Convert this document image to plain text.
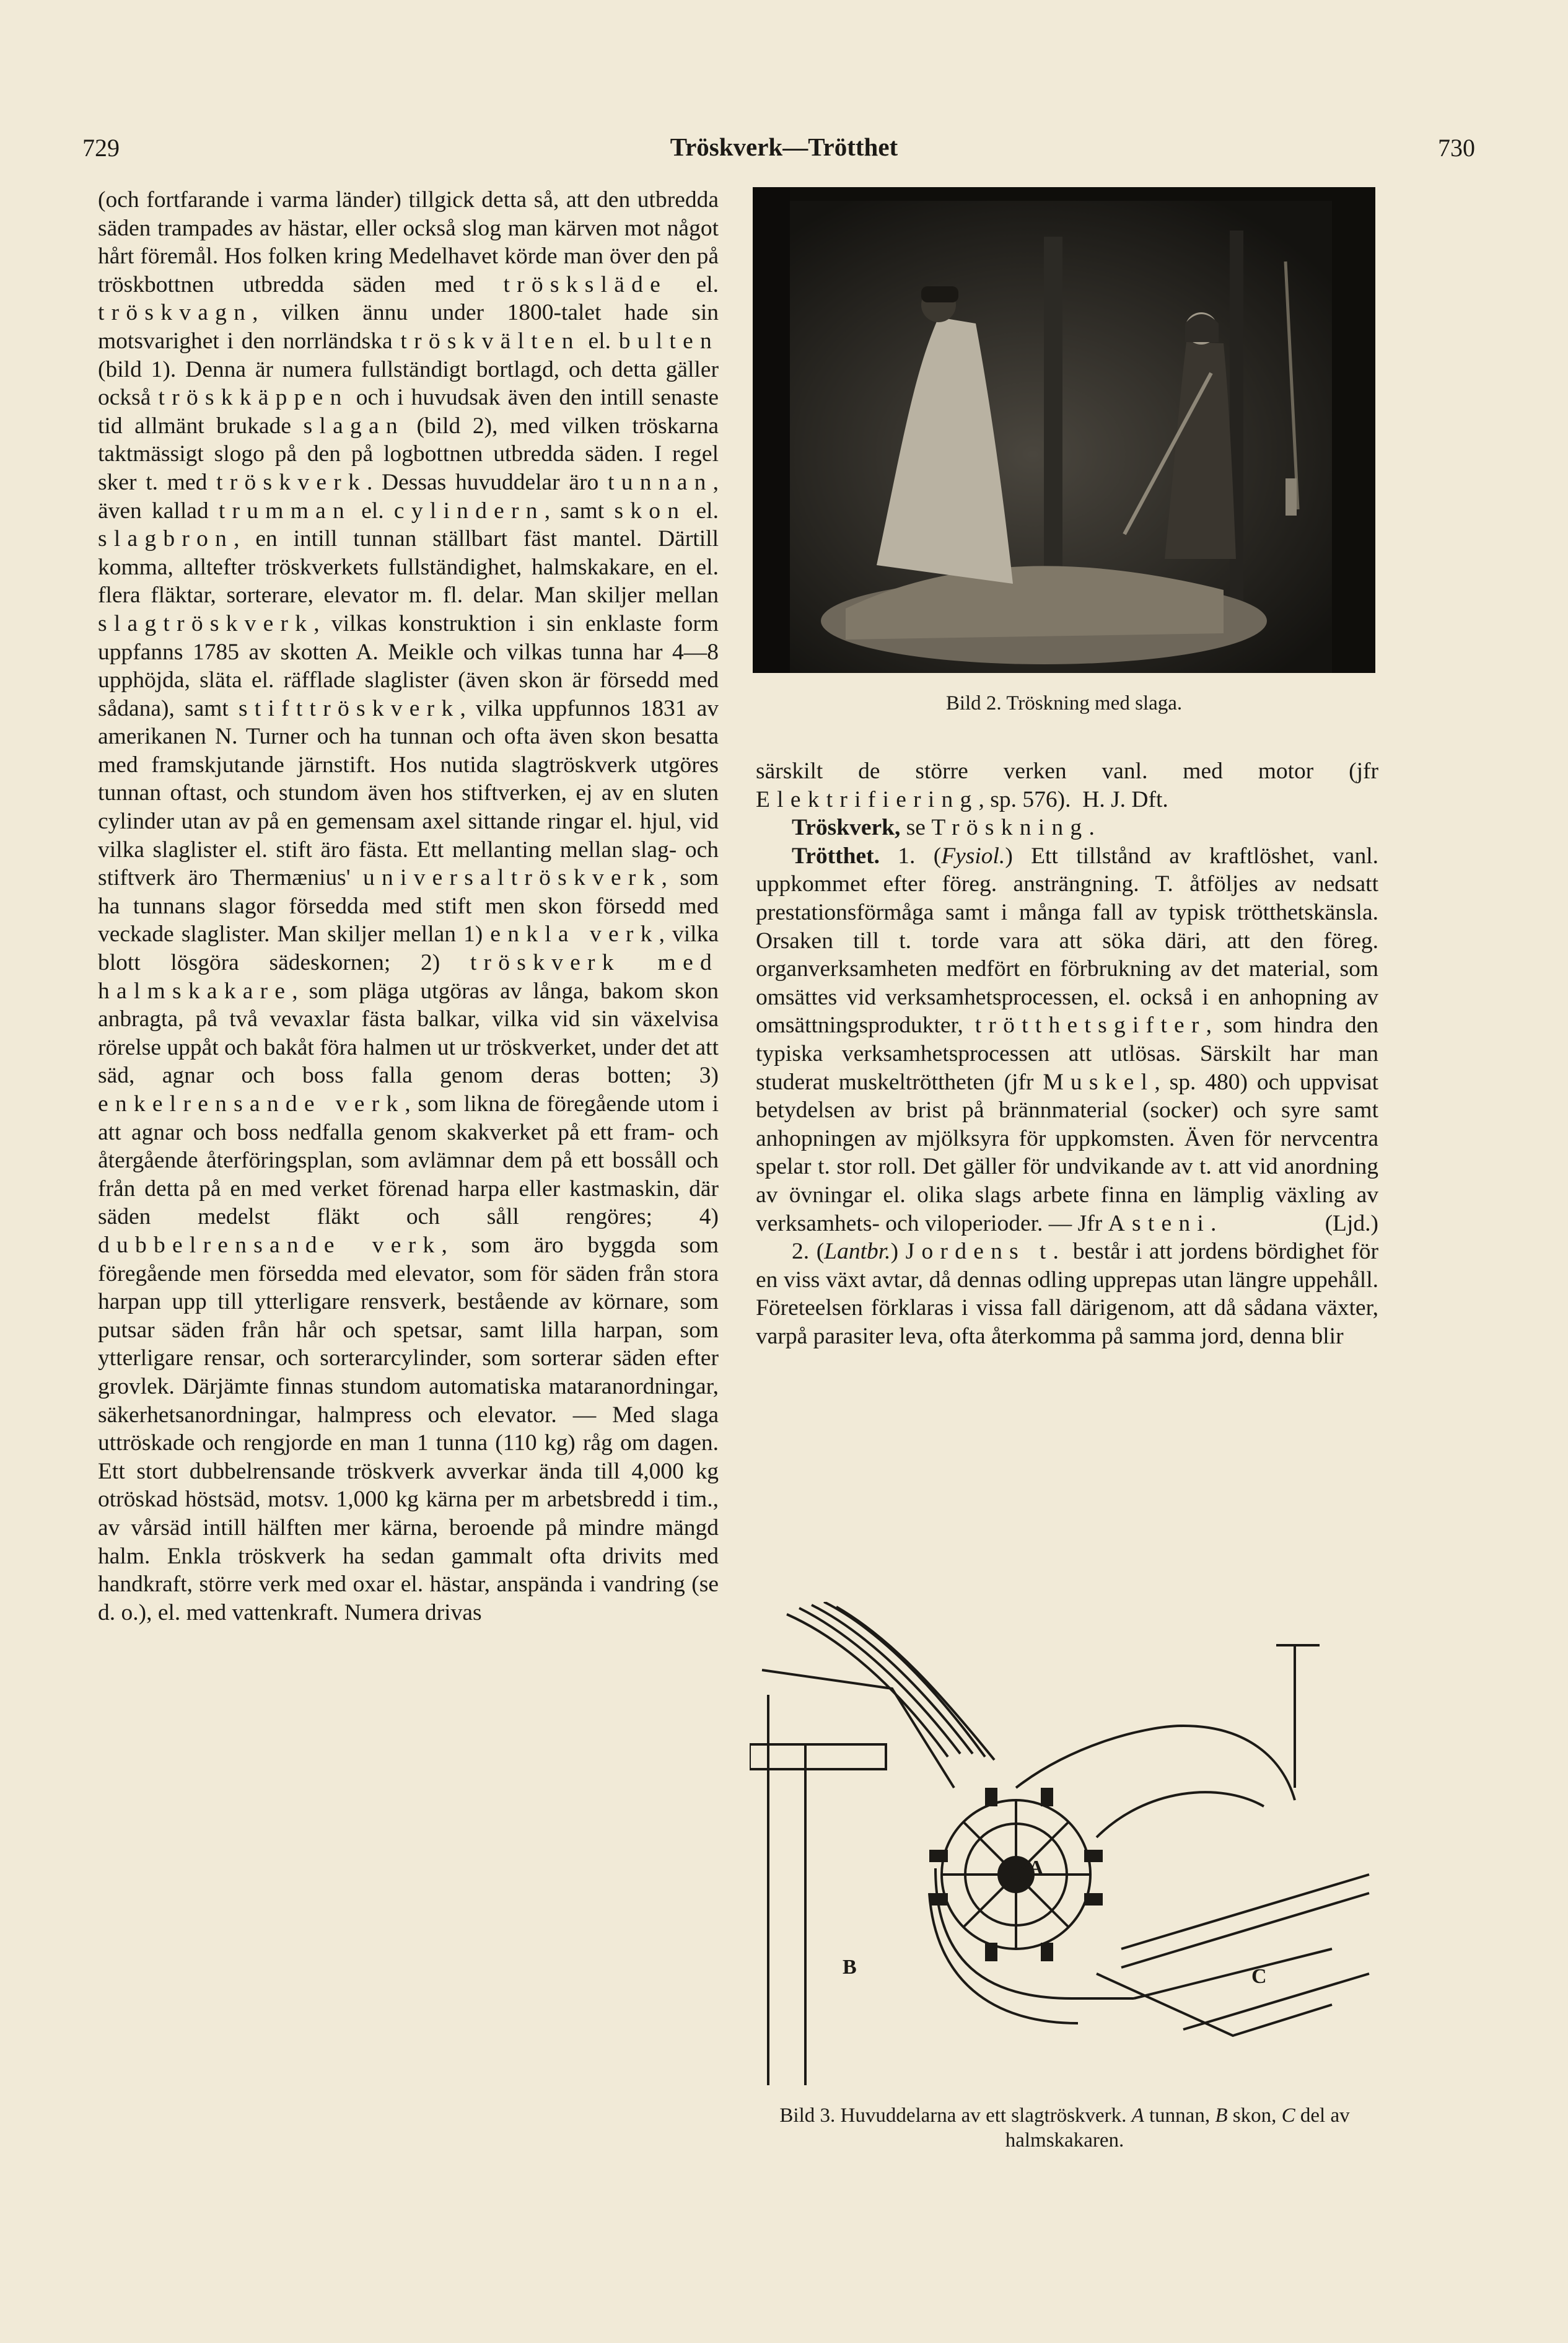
729	Tröskverk—Trötthet	730

(och fortfarande i varma länder) tillgick detta så, att den utbredda säden trampades av hästar, eller också slog man kärven mot något hårt föremål. Hos folken kring Medelhavet körde man över den på tröskbottnen utbredda säden med trösksläde el. tröskvagn, vilken ännu under 1800-talet hade sin motsvarighet i den norrländska tröskvälten el. bulten (bild 1). Denna är numera fullständigt bortlagd, och detta gäller också tröskkäppen och i huvudsak även den intill senaste tid allmänt brukade slagan (bild 2), med vilken tröskarna taktmässigt slogo på den på logbottnen utbredda säden. I regel sker t. med tröskverk. Dessas huvuddelar äro tunnan, även kallad trumman el. cylindern, samt skon el. slagbron, en intill tunnan ställbart fäst mantel. Därtill komma, alltefter tröskverkets fullständighet, halmskakare, en el. flera fläktar, sorterare, elevator m. fl. delar. Man skiljer mellan slagtröskverk, vilkas konstruktion i sin enklaste form uppfanns 1785 av skotten A. Meikle och vilkas tunna har 4—8 upphöjda, släta el. räfflade slaglister (även skon är försedd med sådana), samt stifttröskverk, vilka uppfunnos 1831 av amerikanen N. Turner och ha tunnan och ofta även skon besatta med framskjutande järnstift. Hos nutida slagtröskverk utgöres tunnan oftast, och stundom även hos stiftverken, ej av en sluten cylinder utan av på en gemensam axel sittande ringar el. hjul, vid vilka slaglister el. stift äro fästa. Ett mellanting mellan slag- och stiftverk äro Thermænius' universaltröskverk, som ha tunnans slagor försedda med stift men skon försedd med veckade slaglister. Man skiljer mellan 1) enkla verk, vilka blott lösgöra sädeskornen; 2) tröskverk med halmskakare, som pläga utgöras av långa, bakom skon anbragta, på två vevaxlar fästa balkar, vilka vid sin växelvisa rörelse uppåt och bakåt föra halmen ut ur tröskverket, under det att säd, agnar och boss falla genom deras botten; 3) enkelrensande verk, som likna de föregående utom i att agnar och boss nedfalla genom skakverket på ett fram- och återgående återföringsplan, som avlämnar dem på ett bossåll och från detta på en med verket förenad harpa eller kastmaskin, där säden medelst fläkt och såll rengöres; 4) dubbelrensande verk, som äro byggda som föregående men försedda med elevator, som för säden från stora harpan upp till ytterligare rensverk, bestående av körnare, som putsar säden från hår och spetsar, samt lilla harpan, som ytterligare rensar, och sorterarcylinder, som sorterar säden efter grovlek. Därjämte finnas stundom automatiska mataranordningar, säkerhetsanordningar, halmpress och elevator. — Med slaga uttröskade och rengjorde en man 1 tunna (110 kg) råg om dagen. Ett stort dubbelrensande tröskverk avverkar ända till 4,000 kg otröskad höstsäd, motsv. 1,000 kg kärna per m arbetsbredd i tim., av vårsäd intill hälften mer kärna, beroende på mindre mängd halm. Enkla tröskverk ha sedan gammalt ofta drivits med handkraft, större verk med oxar el. hästar, anspända i vandring (se d. o.), el. med vattenkraft. Numera drivas

Bild 2. Tröskning med slaga.

särskilt de större verken vanl. med motor (jfr Elektrifiering, sp. 576). H. J. Dft.

Tröskverk, se Tröskning.

Trötthet. 1. (Fysiol.) Ett tillstånd av kraftlöshet, vanl. uppkommet efter föreg. ansträngning. T. åtföljes av nedsatt prestationsförmåga samt i många fall av typisk trötthetskänsla. Orsaken till t. torde vara att söka däri, att den föreg. organverksamheten medfört en förbrukning av det material, som omsättes vid verksamhetsprocessen, el. också i en anhopning av omsättningsprodukter, trötthetsgifter, som hindra den typiska verksamhetsprocessen att utlösas. Särskilt har man studerat muskeltröttheten (jfr Muskel, sp. 480) och uppvisat betydelsen av brist på brännmaterial (socker) och syre samt anhopningen av mjölksyra för uppkomsten. Även för nervcentra spelar t. stor roll. Det gäller för undvikande av t. att vid anordning av övningar el. olika slags arbete finna en lämplig växling av verksamhets- och viloperioder. — Jfr Asteni.	(Ljd.)

2. (Lantbr.) Jordens t. består i att jordens bördighet för en viss växt avtar, då dennas odling upprepas utan längre uppehåll. Företeelsen förklaras i vissa fall därigenom, att då sådana växter, varpå parasiter leva, ofta återkomma på samma jord, denna blir

A
B	C
Bild 3. Huvuddelarna av ett slagtröskverk. A tunnan, B skon, C del av halmskakaren.
